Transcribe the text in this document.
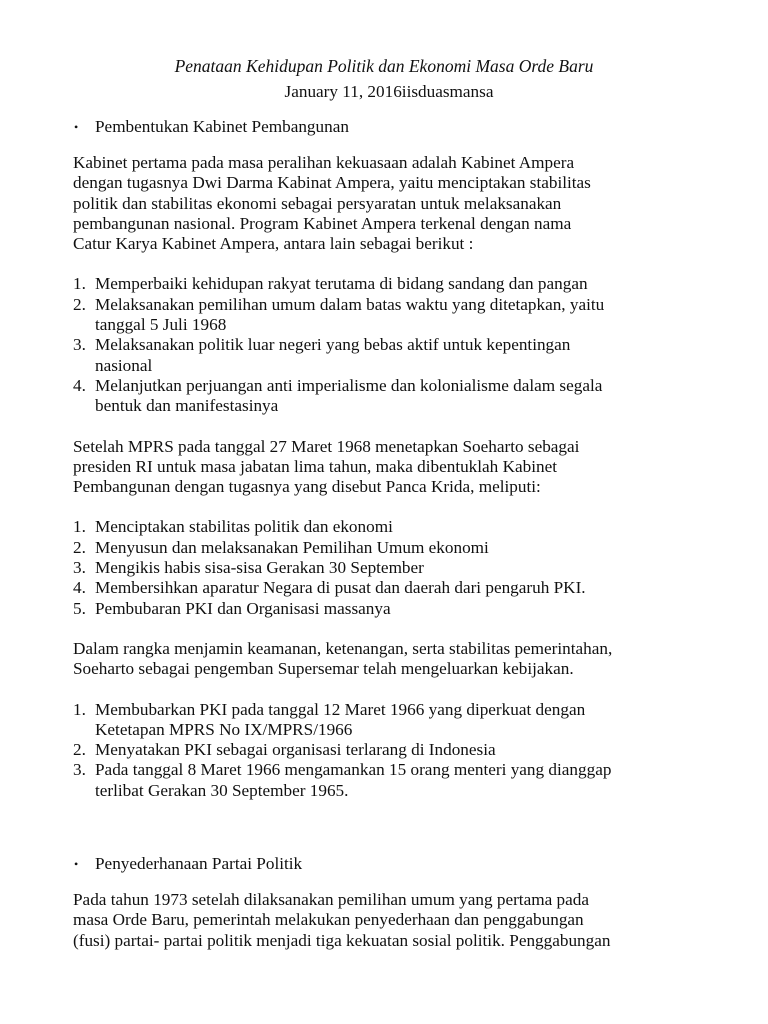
Penataan Kehidupan Politik dan Ekonomi Masa Orde Baru

January 11, 2016iisduasmansa

• Pembentukan Kabinet Pembangunan

Kabinet pertama pada masa peralihan kekuasaan adalah Kabinet Ampera
dengan tugasnya Dwi Darma Kabinat Ampera, yaitu menciptakan stabilitas
politik dan stabilitas ekonomi sebagai persyaratan untuk melaksanakan
pembangunan nasional. Program Kabinet Ampera terkenal dengan nama
Catur Karya Kabinet Ampera, antara lain sebagai berikut :

1. Memperbaiki kehidupan rakyat terutama di bidang sandang dan pangan
2. Melaksanakan pemilihan umum dalam batas waktu yang ditetapkan, yaitu
tanggal 5 Juli 1968
3. Melaksanakan politik luar negeri yang bebas aktif untuk kepentingan
nasional
4. Melanjutkan perjuangan anti imperialisme dan kolonialisme dalam segala
bentuk dan manifestasinya

Setelah MPRS pada tanggal 27 Maret 1968 menetapkan Soeharto sebagai
presiden RI untuk masa jabatan lima tahun, maka dibentuklah Kabinet
Pembangunan dengan tugasnya yang disebut Panca Krida, meliputi:

1. Menciptakan stabilitas politik dan ekonomi
2. Menyusun dan melaksanakan Pemilihan Umum ekonomi
3. Mengikis habis sisa-sisa Gerakan 30 September
4. Membersihkan aparatur Negara di pusat dan daerah dari pengaruh PKI.
5. Pembubaran PKI dan Organisasi massanya

Dalam rangka menjamin keamanan, ketenangan, serta stabilitas pemerintahan,
Soeharto sebagai pengemban Supersemar telah mengeluarkan kebijakan.

1. Membubarkan PKI pada tanggal 12 Maret 1966 yang diperkuat dengan
Ketetapan MPRS No IX/MPRS/1966
2. Menyatakan PKI sebagai organisasi terlarang di Indonesia
3. Pada tanggal 8 Maret 1966 mengamankan 15 orang menteri yang dianggap
terlibat Gerakan 30 September 1965.
• Penyederhanaan Partai Politik

Pada tahun 1973 setelah dilaksanakan pemilihan umum yang pertama pada
masa Orde Baru, pemerintah melakukan penyederhaan dan penggabungan
(fusi) partai- partai politik menjadi tiga kekuatan sosial politik. Penggabungan
